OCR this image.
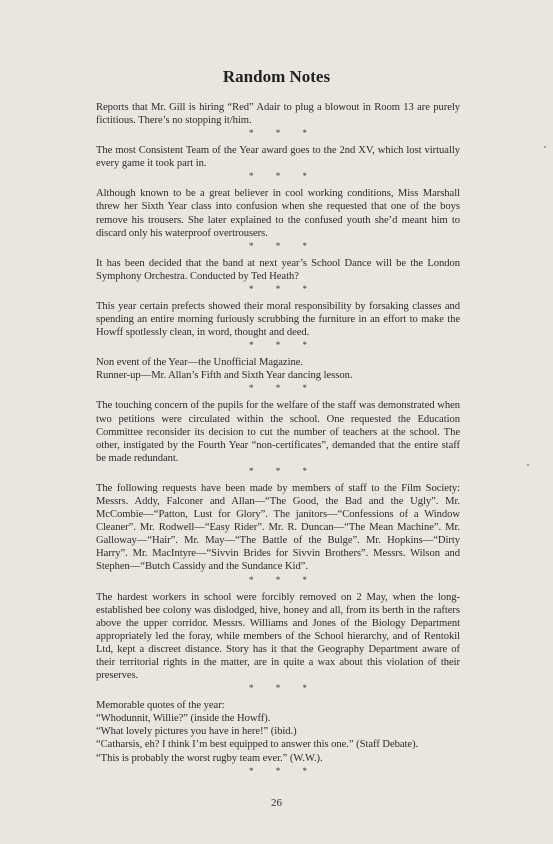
Random Notes

Reports that Mr. Gill is hiring “Red” Adair to plug a blowout in Room 13 are purely fictitious. There’s no stopping it/him.

* * *

The most Consistent Team of the Year award goes to the 2nd XV, which lost virtually every game it took part in.

* * *

Although known to be a great believer in cool working conditions, Miss Marshall threw her Sixth Year class into confusion when she requested that one of the boys remove his trousers. She later explained to the confused youth she’d meant him to discard only his waterproof overtrousers.

* * *

It has been decided that the band at next year’s School Dance will be the London Symphony Orchestra. Conducted by Ted Heath?

* * *

This year certain prefects showed their moral responsibility by forsaking classes and spending an entire morning furiously scrubbing the furniture in an effort to make the Howff spotlessly clean, in word, thought and deed.

* * *

Non event of the Year—the Unofficial Magazine.
Runner-up—Mr. Allan’s Fifth and Sixth Year dancing lesson.

* * *

The touching concern of the pupils for the welfare of the staff was demonstrated when two petitions were circulated within the school. One requested the Education Committee reconsider its decision to cut the number of teachers at the school. The other, instigated by the Fourth Year “non-certificates”, demanded that the entire staff be made redundant.

* * *

The following requests have been made by members of staff to the Film Society: Messrs. Addy, Falconer and Allan—“The Good, the Bad and the Ugly”. Mr. McCombie—“Patton, Lust for Glory”. The janitors—“Confessions of a Window Cleaner”. Mr. Rodwell—“Easy Rider”. Mr. R. Duncan—“The Mean Machine”. Mr. Galloway—“Hair”. Mr. May—“The Battle of the Bulge”. Mr. Hopkins—“Dirty Harry”. Mr. MacIntyre—“Sivvin Brides for Sivvin Brothers”. Messrs. Wilson and Stephen—“Butch Cassidy and the Sundance Kid”.

* * *

The hardest workers in school were forcibly removed on 2 May, when the long-established bee colony was dislodged, hive, honey and all, from its berth in the rafters above the upper corridor. Messrs. Williams and Jones of the Biology Department appropriately led the foray, while members of the School hierarchy, and of Rentokil Ltd, kept a discreet distance. Story has it that the Geography Department aware of their territorial rights in the matter, are in quite a wax about this violation of their preserves.

* * *

Memorable quotes of the year:
“Whodunnit, Willie?” (inside the Howff).
“What lovely pictures you have in here!” (ibid.)
“Catharsis, eh? I think I’m best equipped to answer this one.” (Staff Debate).
“This is probably the worst rugby team ever.” (W.W.).

* * *
26
